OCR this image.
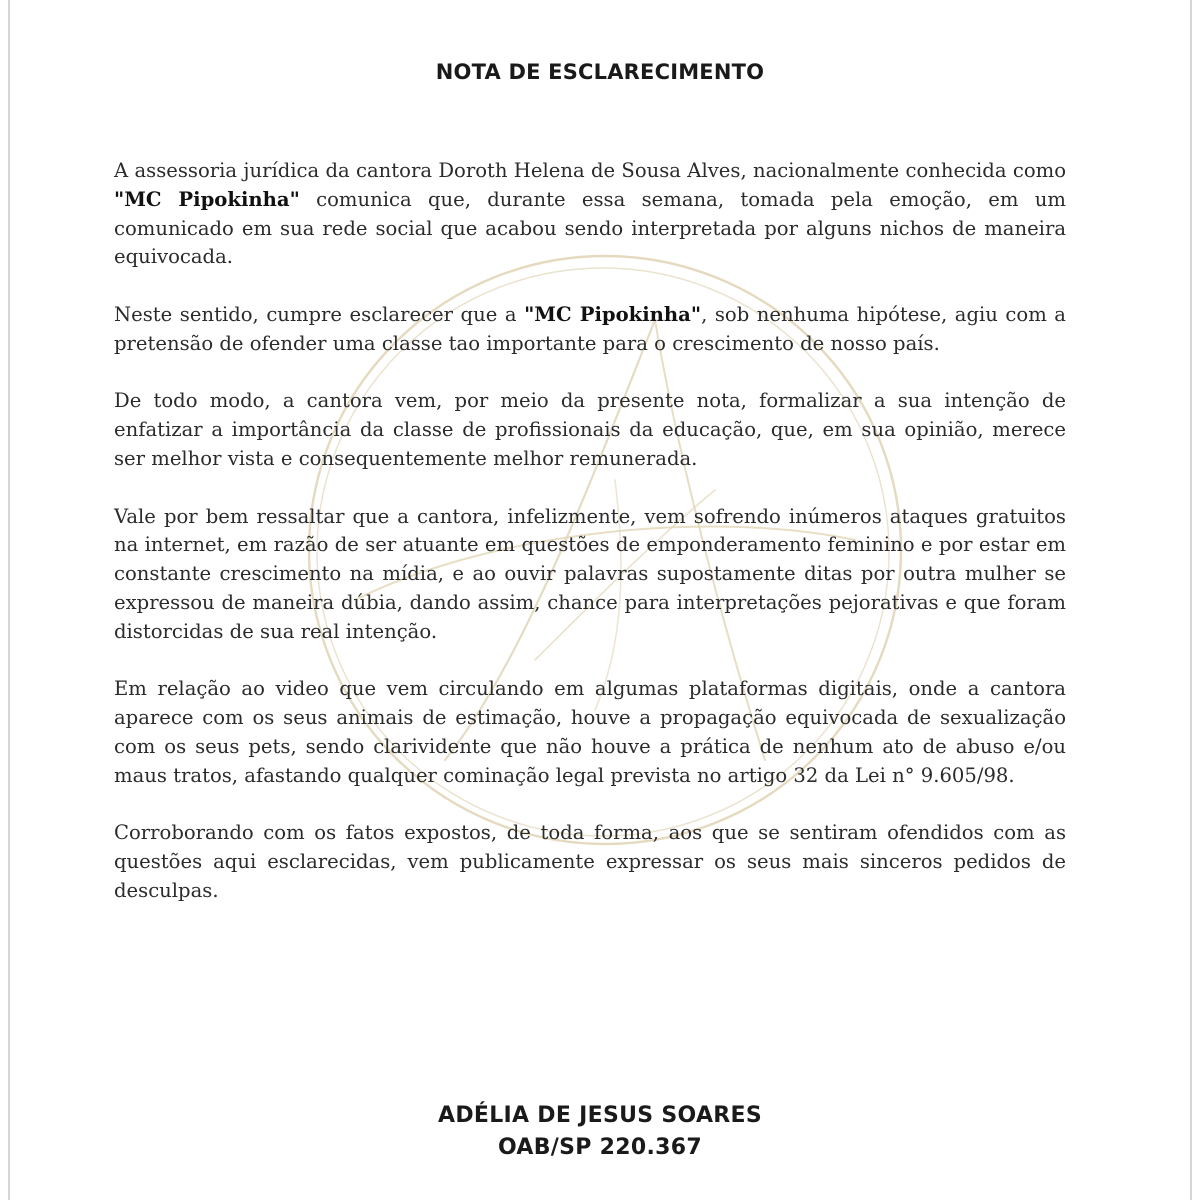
NOTA DE ESCLARECIMENTO

A assessoria jurídica da cantora Doroth Helena de Sousa Alves, nacionalmente conhecida como "MC Pipokinha" comunica que, durante essa semana, tomada pela emoção, em um comunicado em sua rede social que acabou sendo interpretada por alguns nichos de maneira equivocada.

Neste sentido, cumpre esclarecer que a "MC Pipokinha", sob nenhuma hipótese, agiu com a pretensão de ofender uma classe tao importante para o crescimento de nosso país.

De todo modo, a cantora vem, por meio da presente nota, formalizar a sua intenção de enfatizar a importância da classe de profissionais da educação, que, em sua opinião, merece ser melhor vista e consequentemente melhor remunerada.

Vale por bem ressaltar que a cantora, infelizmente, vem sofrendo inúmeros ataques gratuitos na internet, em razão de ser atuante em questões de emponderamento feminino e por estar em constante crescimento na mídia, e ao ouvir palavras supostamente ditas por outra mulher se expressou de maneira dúbia, dando assim, chance para interpretações pejorativas e que foram distorcidas de sua real intenção.

Em relação ao video que vem circulando em algumas plataformas digitais, onde a cantora aparece com os seus animais de estimação, houve a propagação equivocada de sexualização com os seus pets, sendo clarividente que não houve a prática de nenhum ato de abuso e/ou maus tratos, afastando qualquer cominação legal prevista no artigo 32 da Lei n° 9.605/98.

Corroborando com os fatos expostos, de toda forma, aos que se sentiram ofendidos com as questões aqui esclarecidas, vem publicamente expressar os seus mais sinceros pedidos de desculpas.

ADÉLIA DE JESUS SOARES
OAB/SP 220.367
